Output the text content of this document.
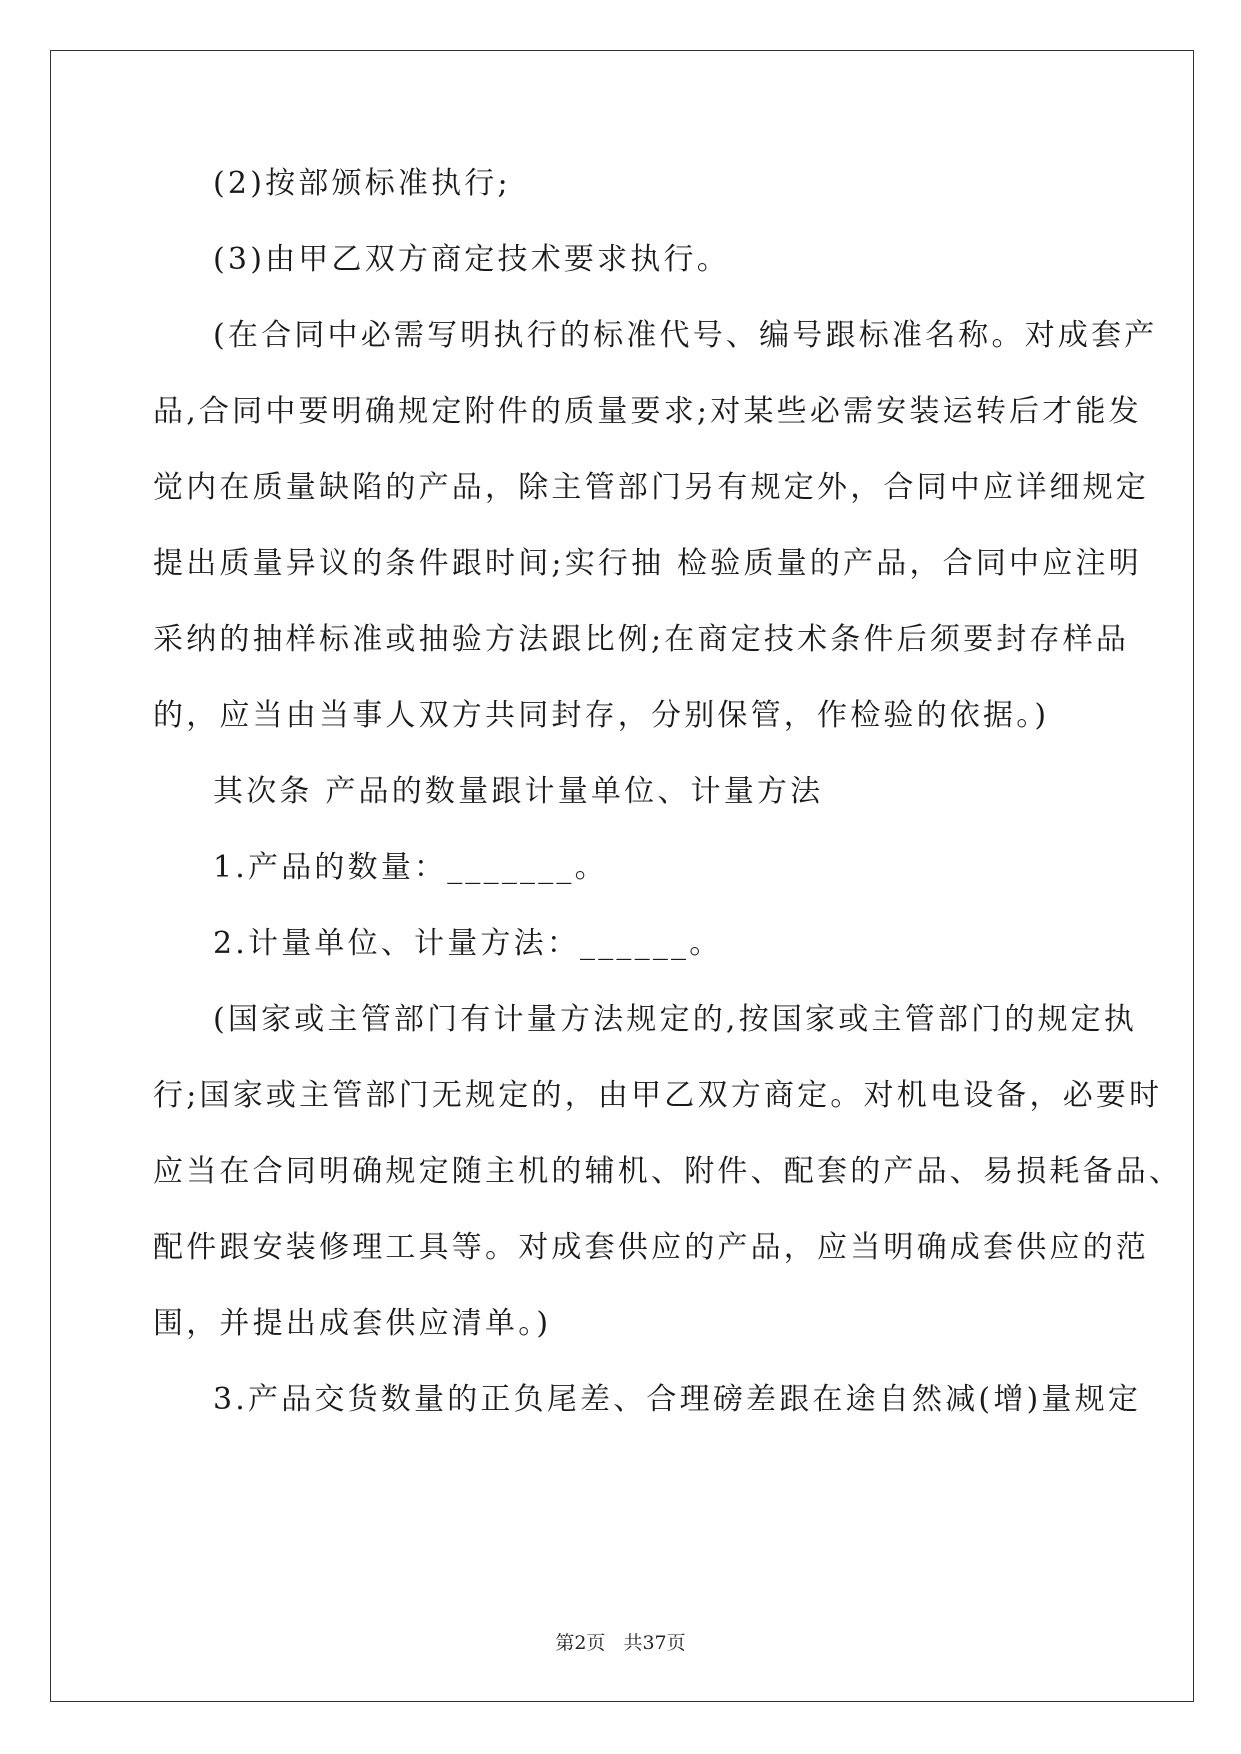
(2)按部颁标准执行;
(3)由甲乙双方商定技术要求执行。
(在合同中必需写明执行的标准代号、编号跟标准名称。对成套产
品,合同中要明确规定附件的质量要求;对某些必需安装运转后才能发
觉内在质量缺陷的产品，除主管部门另有规定外，合同中应详细规定
提出质量异议的条件跟时间;实行抽 检验质量的产品，合同中应注明
采纳的抽样标准或抽验方法跟比例;在商定技术条件后须要封存样品
的，应当由当事人双方共同封存，分别保管，作检验的依据。)
其次条 产品的数量跟计量单位、计量方法
1.产品的数量：_______。
2.计量单位、计量方法：______。
(国家或主管部门有计量方法规定的,按国家或主管部门的规定执
行;国家或主管部门无规定的，由甲乙双方商定。对机电设备，必要时
应当在合同明确规定随主机的辅机、附件、配套的产品、易损耗备品、
配件跟安装修理工具等。对成套供应的产品，应当明确成套供应的范
围，并提出成套供应清单。)
3.产品交货数量的正负尾差、合理磅差跟在途自然减(增)量规定
第2页 共37页
